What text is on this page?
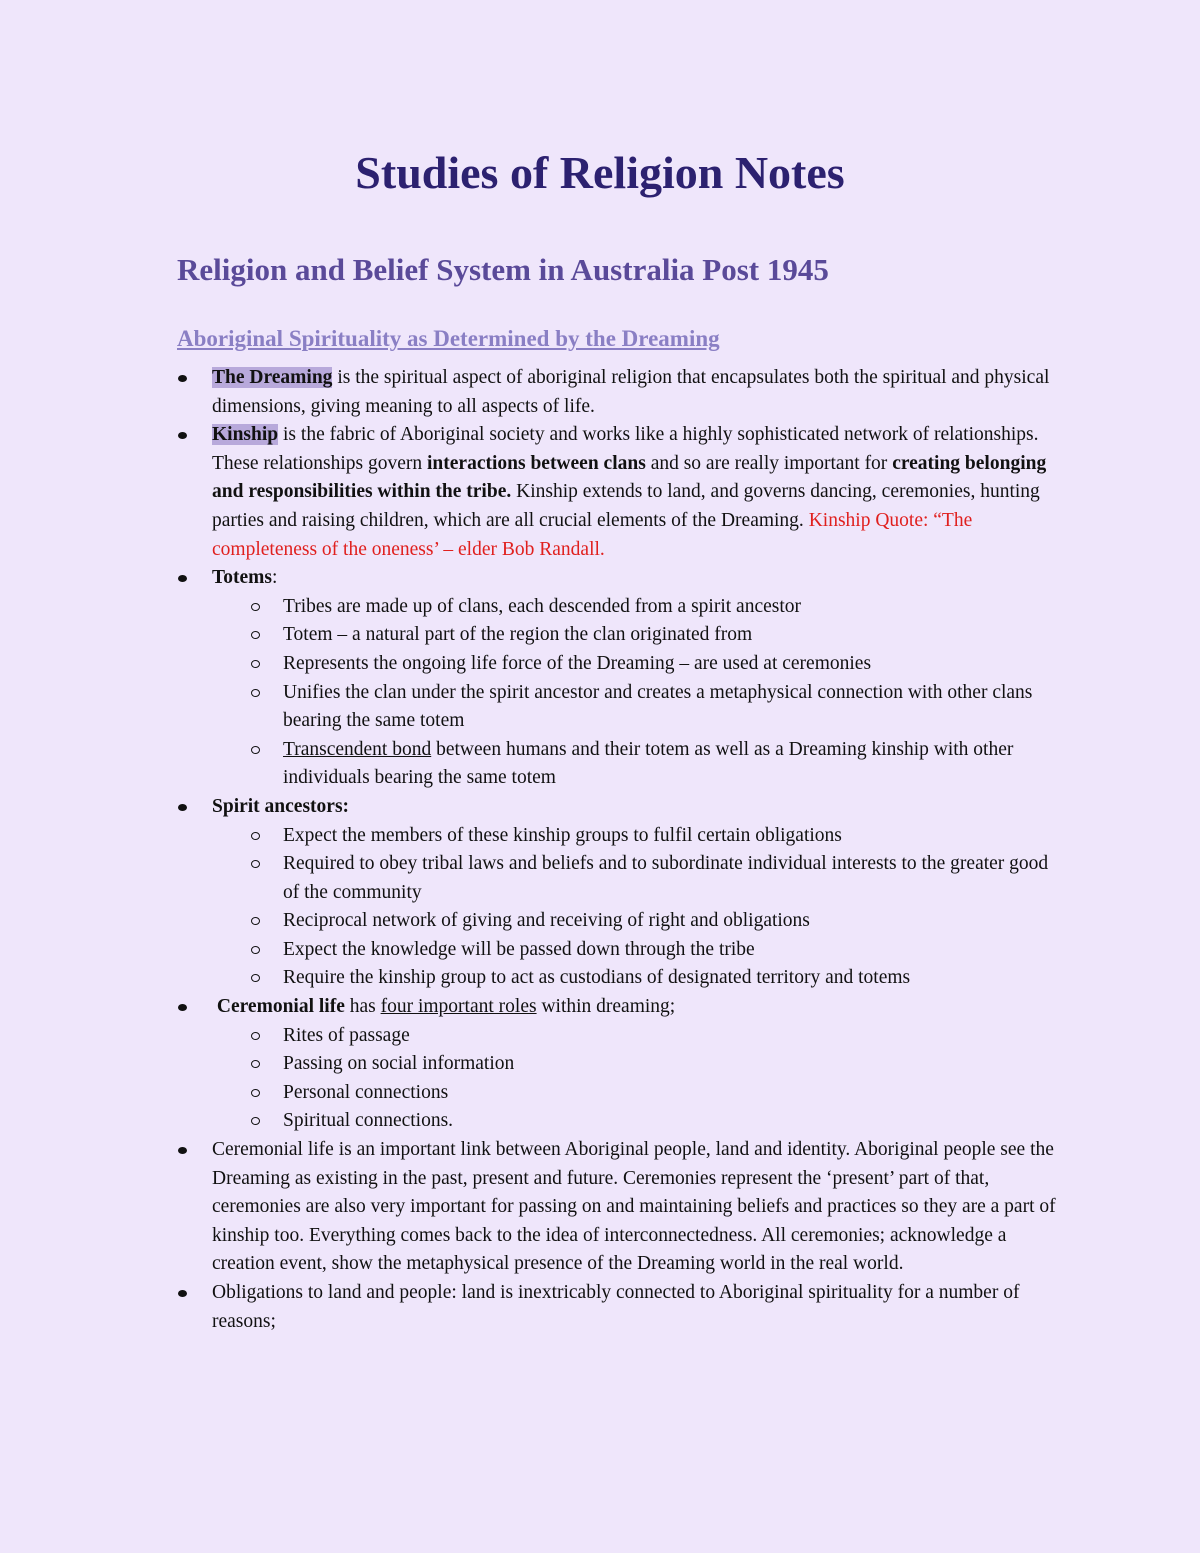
Studies of Religion Notes
Religion and Belief System in Australia Post 1945
Aboriginal Spirituality as Determined by the Dreaming
The Dreaming is the spiritual aspect of aboriginal religion that encapsulates both the spiritual and physical dimensions, giving meaning to all aspects of life.
Kinship is the fabric of Aboriginal society and works like a highly sophisticated network of relationships. These relationships govern interactions between clans and so are really important for creating belonging and responsibilities within the tribe. Kinship extends to land, and governs dancing, ceremonies, hunting parties and raising children, which are all crucial elements of the Dreaming. Kinship Quote: “The completeness of the oneness’ – elder Bob Randall.
Totems:
Tribes are made up of clans, each descended from a spirit ancestor
Totem – a natural part of the region the clan originated from
Represents the ongoing life force of the Dreaming – are used at ceremonies
Unifies the clan under the spirit ancestor and creates a metaphysical connection with other clans bearing the same totem
Transcendent bond between humans and their totem as well as a Dreaming kinship with other individuals bearing the same totem
Spirit ancestors:
Expect the members of these kinship groups to fulfil certain obligations
Required to obey tribal laws and beliefs and to subordinate individual interests to the greater good of the community
Reciprocal network of giving and receiving of right and obligations
Expect the knowledge will be passed down through the tribe
Require the kinship group to act as custodians of designated territory and totems
Ceremonial life has four important roles within dreaming;
Rites of passage
Passing on social information
Personal connections
Spiritual connections.
Ceremonial life is an important link between Aboriginal people, land and identity. Aboriginal people see the Dreaming as existing in the past, present and future. Ceremonies represent the ‘present’ part of that, ceremonies are also very important for passing on and maintaining beliefs and practices so they are a part of kinship too. Everything comes back to the idea of interconnectedness. All ceremonies; acknowledge a creation event, show the metaphysical presence of the Dreaming world in the real world.
Obligations to land and people: land is inextricably connected to Aboriginal spirituality for a number of reasons;
